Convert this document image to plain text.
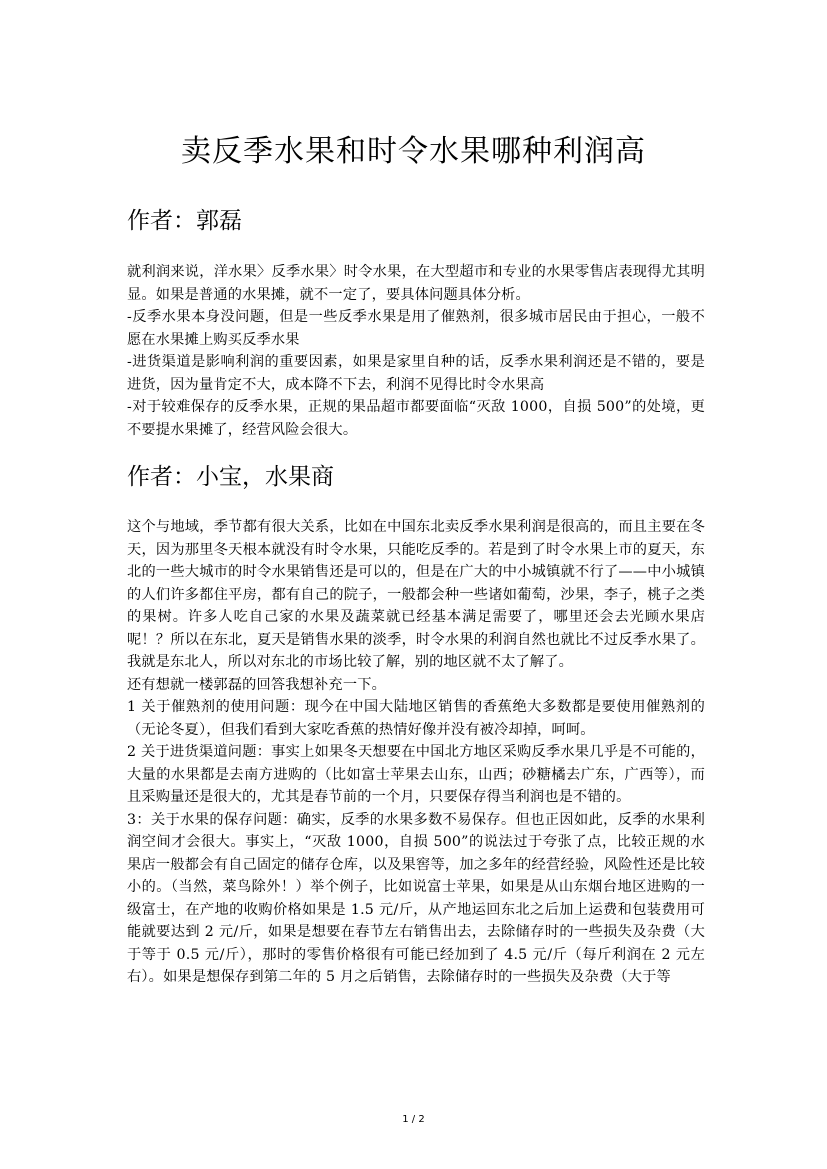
卖反季水果和时令水果哪种利润高
作者：郭磊

就利润来说，洋水果〉反季水果〉时令水果，在大型超市和专业的水果零售店表现得尤其明显。如果是普通的水果摊，就不一定了，要具体问题具体分析。

-反季水果本身没问题，但是一些反季水果是用了催熟剂，很多城市居民由于担心，一般不愿在水果摊上购买反季水果

-进货渠道是影响利润的重要因素，如果是家里自种的话，反季水果利润还是不错的，要是进货，因为量肯定不大，成本降不下去，利润不见得比时令水果高

-对于较难保存的反季水果，正规的果品超市都要面临“灭敌 1000，自损 500”的处境，更不要提水果摊了，经营风险会很大。

作者：小宝，水果商

这个与地域，季节都有很大关系，比如在中国东北卖反季水果利润是很高的，而且主要在冬天，因为那里冬天根本就没有时令水果，只能吃反季的。若是到了时令水果上市的夏天，东北的一些大城市的时令水果销售还是可以的，但是在广大的中小城镇就不行了——中小城镇的人们许多都住平房，都有自己的院子，一般都会种一些诸如葡萄，沙果，李子，桃子之类的果树。许多人吃自己家的水果及蔬菜就已经基本满足需要了，哪里还会去光顾水果店呢！？所以在东北，夏天是销售水果的淡季，时令水果的利润自然也就比不过反季水果了。我就是东北人，所以对东北的市场比较了解，别的地区就不太了解了。

还有想就一楼郭磊的回答我想补充一下。

1 关于催熟剂的使用问题：现今在中国大陆地区销售的香蕉绝大多数都是要使用催熟剂的（无论冬夏），但我们看到大家吃香蕉的热情好像并没有被冷却掉，呵呵。

2 关于进货渠道问题：事实上如果冬天想要在中国北方地区采购反季水果几乎是不可能的，大量的水果都是去南方进购的（比如富士苹果去山东，山西；砂糖橘去广东，广西等），而且采购量还是很大的，尤其是春节前的一个月，只要保存得当利润也是不错的。

3：关于水果的保存问题：确实，反季的水果多数不易保存。但也正因如此，反季的水果利润空间才会很大。事实上，“灭敌 1000，自损 500”的说法过于夸张了点，比较正规的水果店一般都会有自己固定的储存仓库，以及果窖等，加之多年的经营经验，风险性还是比较小的。（当然，菜鸟除外！）举个例子，比如说富士苹果，如果是从山东烟台地区进购的一级富士，在产地的收购价格如果是 1.5 元/斤，从产地运回东北之后加上运费和包装费用可能就要达到 2 元/斤，如果是想要在春节左右销售出去，去除储存时的一些损失及杂费（大于等于 0.5 元/斤），那时的零售价格很有可能已经加到了 4.5 元/斤（每斤利润在 2 元左右）。如果是想保存到第二年的 5 月之后销售，去除储存时的一些损失及杂费（大于等

1 / 2
